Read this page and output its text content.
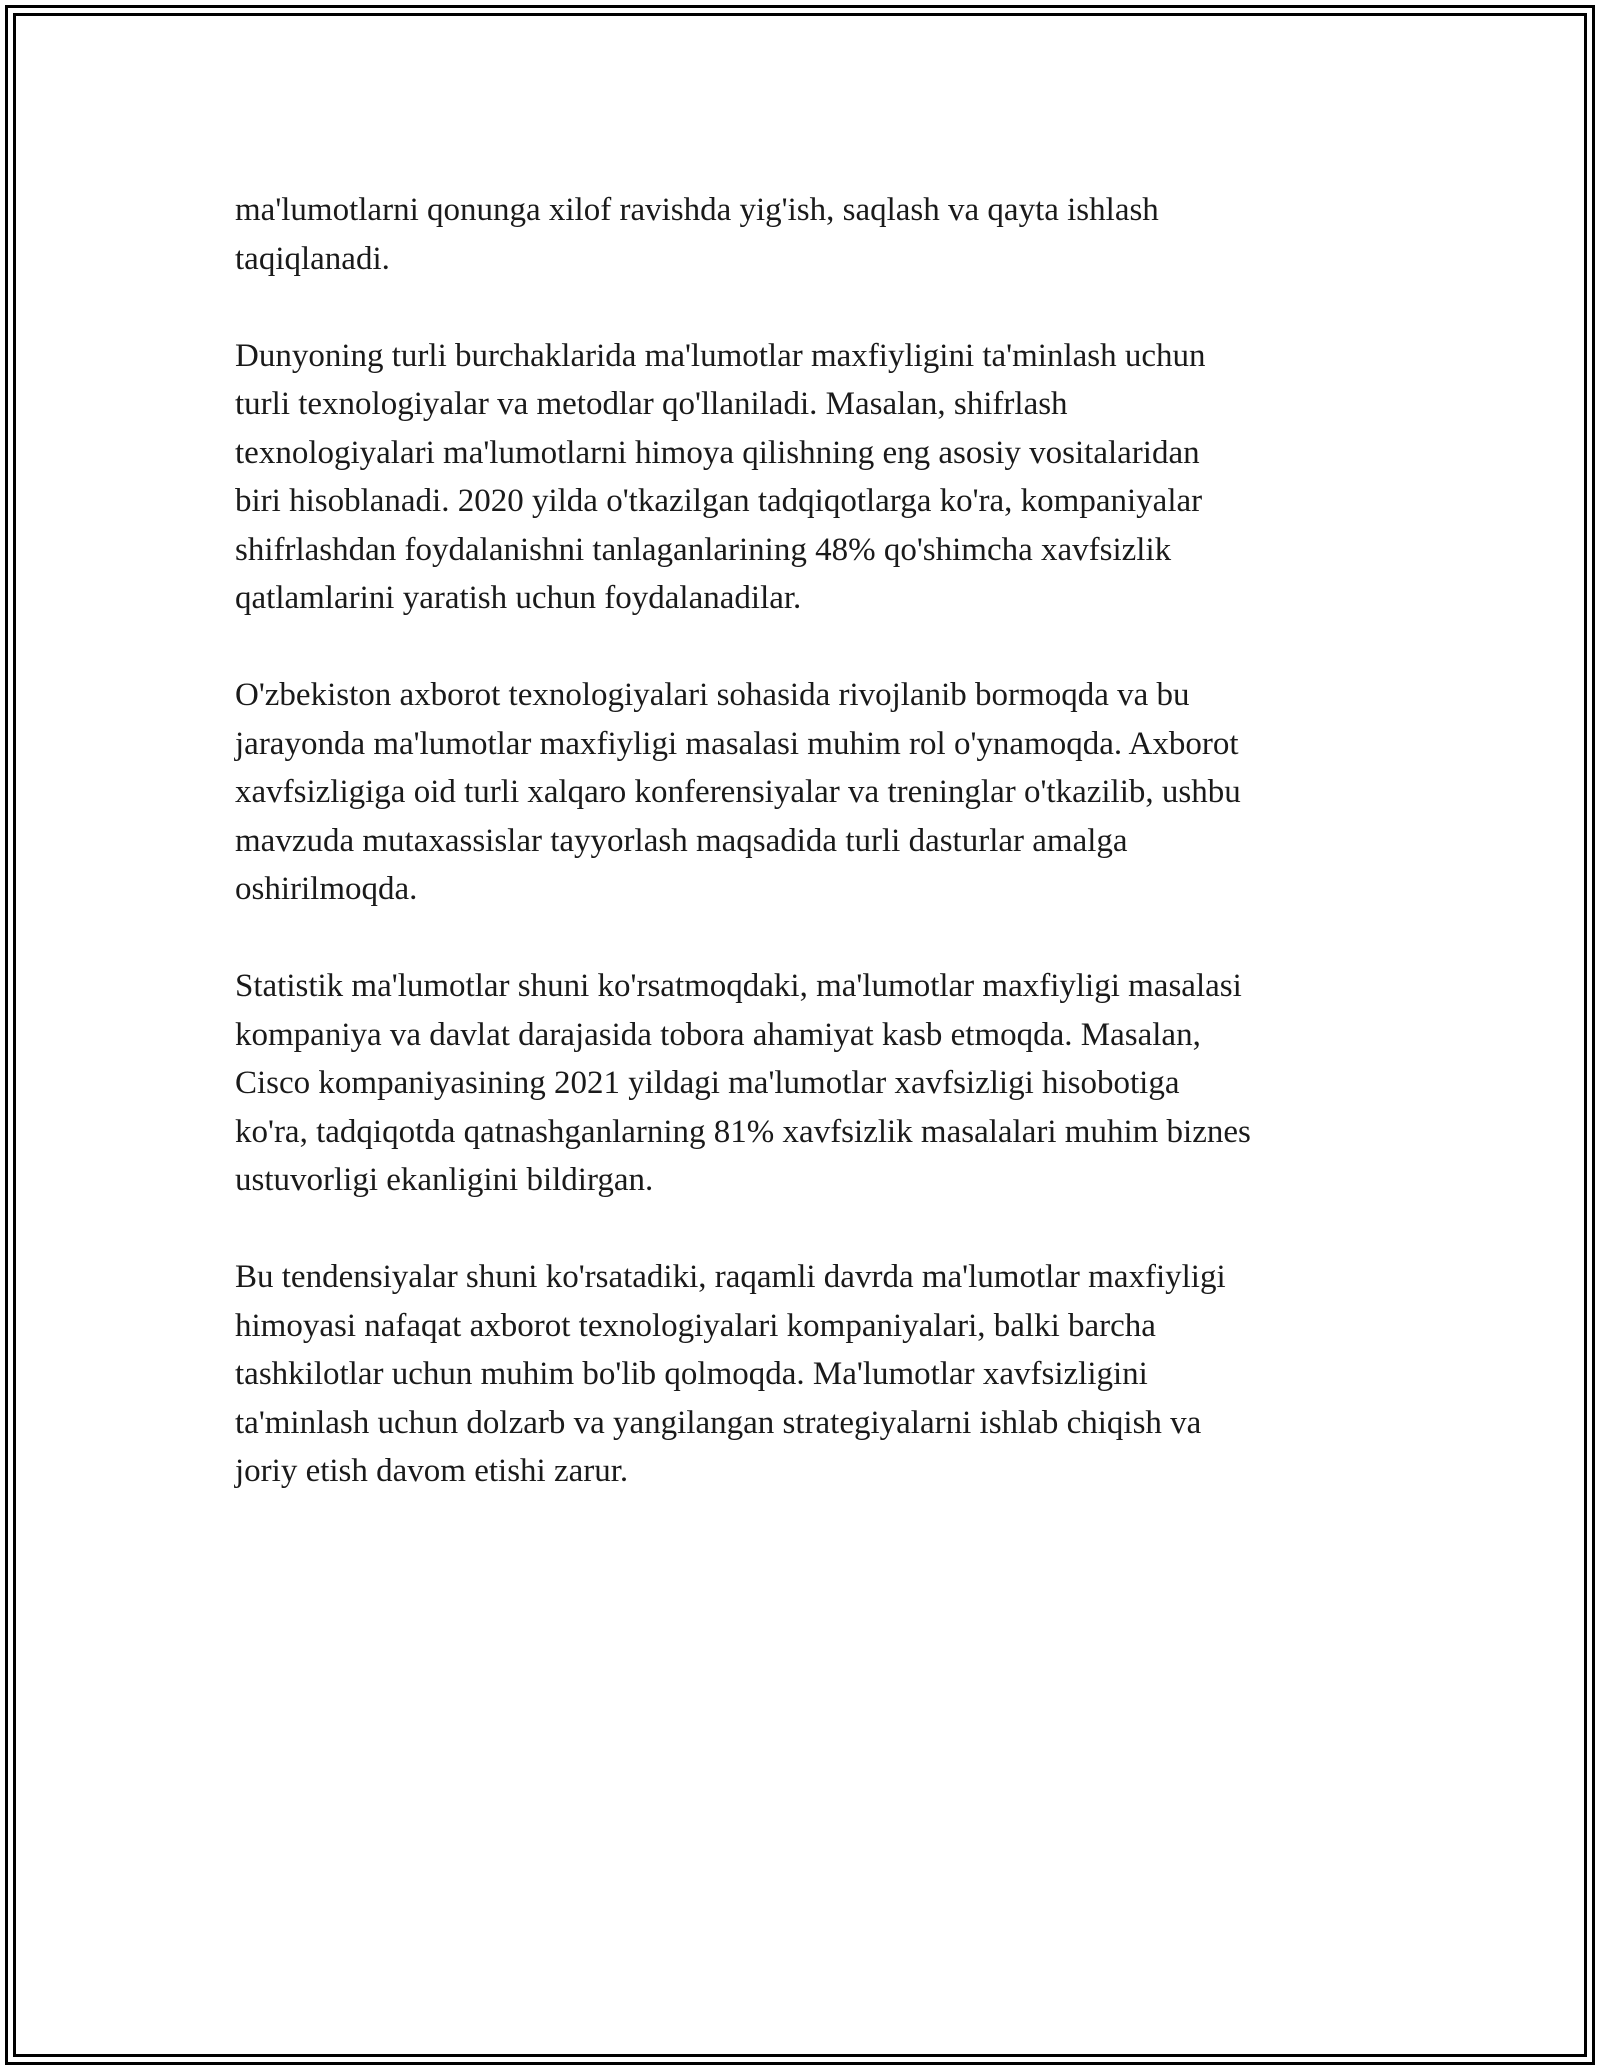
ma'lumotlarni qonunga xilof ravishda yig'ish, saqlash va qayta ishlash
taqiqlanadi.

Dunyoning turli burchaklarida ma'lumotlar maxfiyligini ta'minlash uchun
turli texnologiyalar va metodlar qo'llaniladi. Masalan, shifrlash
texnologiyalari ma'lumotlarni himoya qilishning eng asosiy vositalaridan
biri hisoblanadi. 2020 yilda o'tkazilgan tadqiqotlarga ko'ra, kompaniyalar
shifrlashdan foydalanishni tanlaganlarining 48% qo'shimcha xavfsizlik
qatlamlarini yaratish uchun foydalanadilar.

O'zbekiston axborot texnologiyalari sohasida rivojlanib bormoqda va bu
jarayonda ma'lumotlar maxfiyligi masalasi muhim rol o'ynamoqda. Axborot
xavfsizligiga oid turli xalqaro konferensiyalar va treninglar o'tkazilib, ushbu
mavzuda mutaxassislar tayyorlash maqsadida turli dasturlar amalga
oshirilmoqda.

Statistik ma'lumotlar shuni ko'rsatmoqdaki, ma'lumotlar maxfiyligi masalasi
kompaniya va davlat darajasida tobora ahamiyat kasb etmoqda. Masalan,
Cisco kompaniyasining 2021 yildagi ma'lumotlar xavfsizligi hisobotiga
ko'ra, tadqiqotda qatnashganlarning 81% xavfsizlik masalalari muhim biznes
ustuvorligi ekanligini bildirgan.

Bu tendensiyalar shuni ko'rsatadiki, raqamli davrda ma'lumotlar maxfiyligi
himoyasi nafaqat axborot texnologiyalari kompaniyalari, balki barcha
tashkilotlar uchun muhim bo'lib qolmoqda. Ma'lumotlar xavfsizligini
ta'minlash uchun dolzarb va yangilangan strategiyalarni ishlab chiqish va
joriy etish davom etishi zarur.
